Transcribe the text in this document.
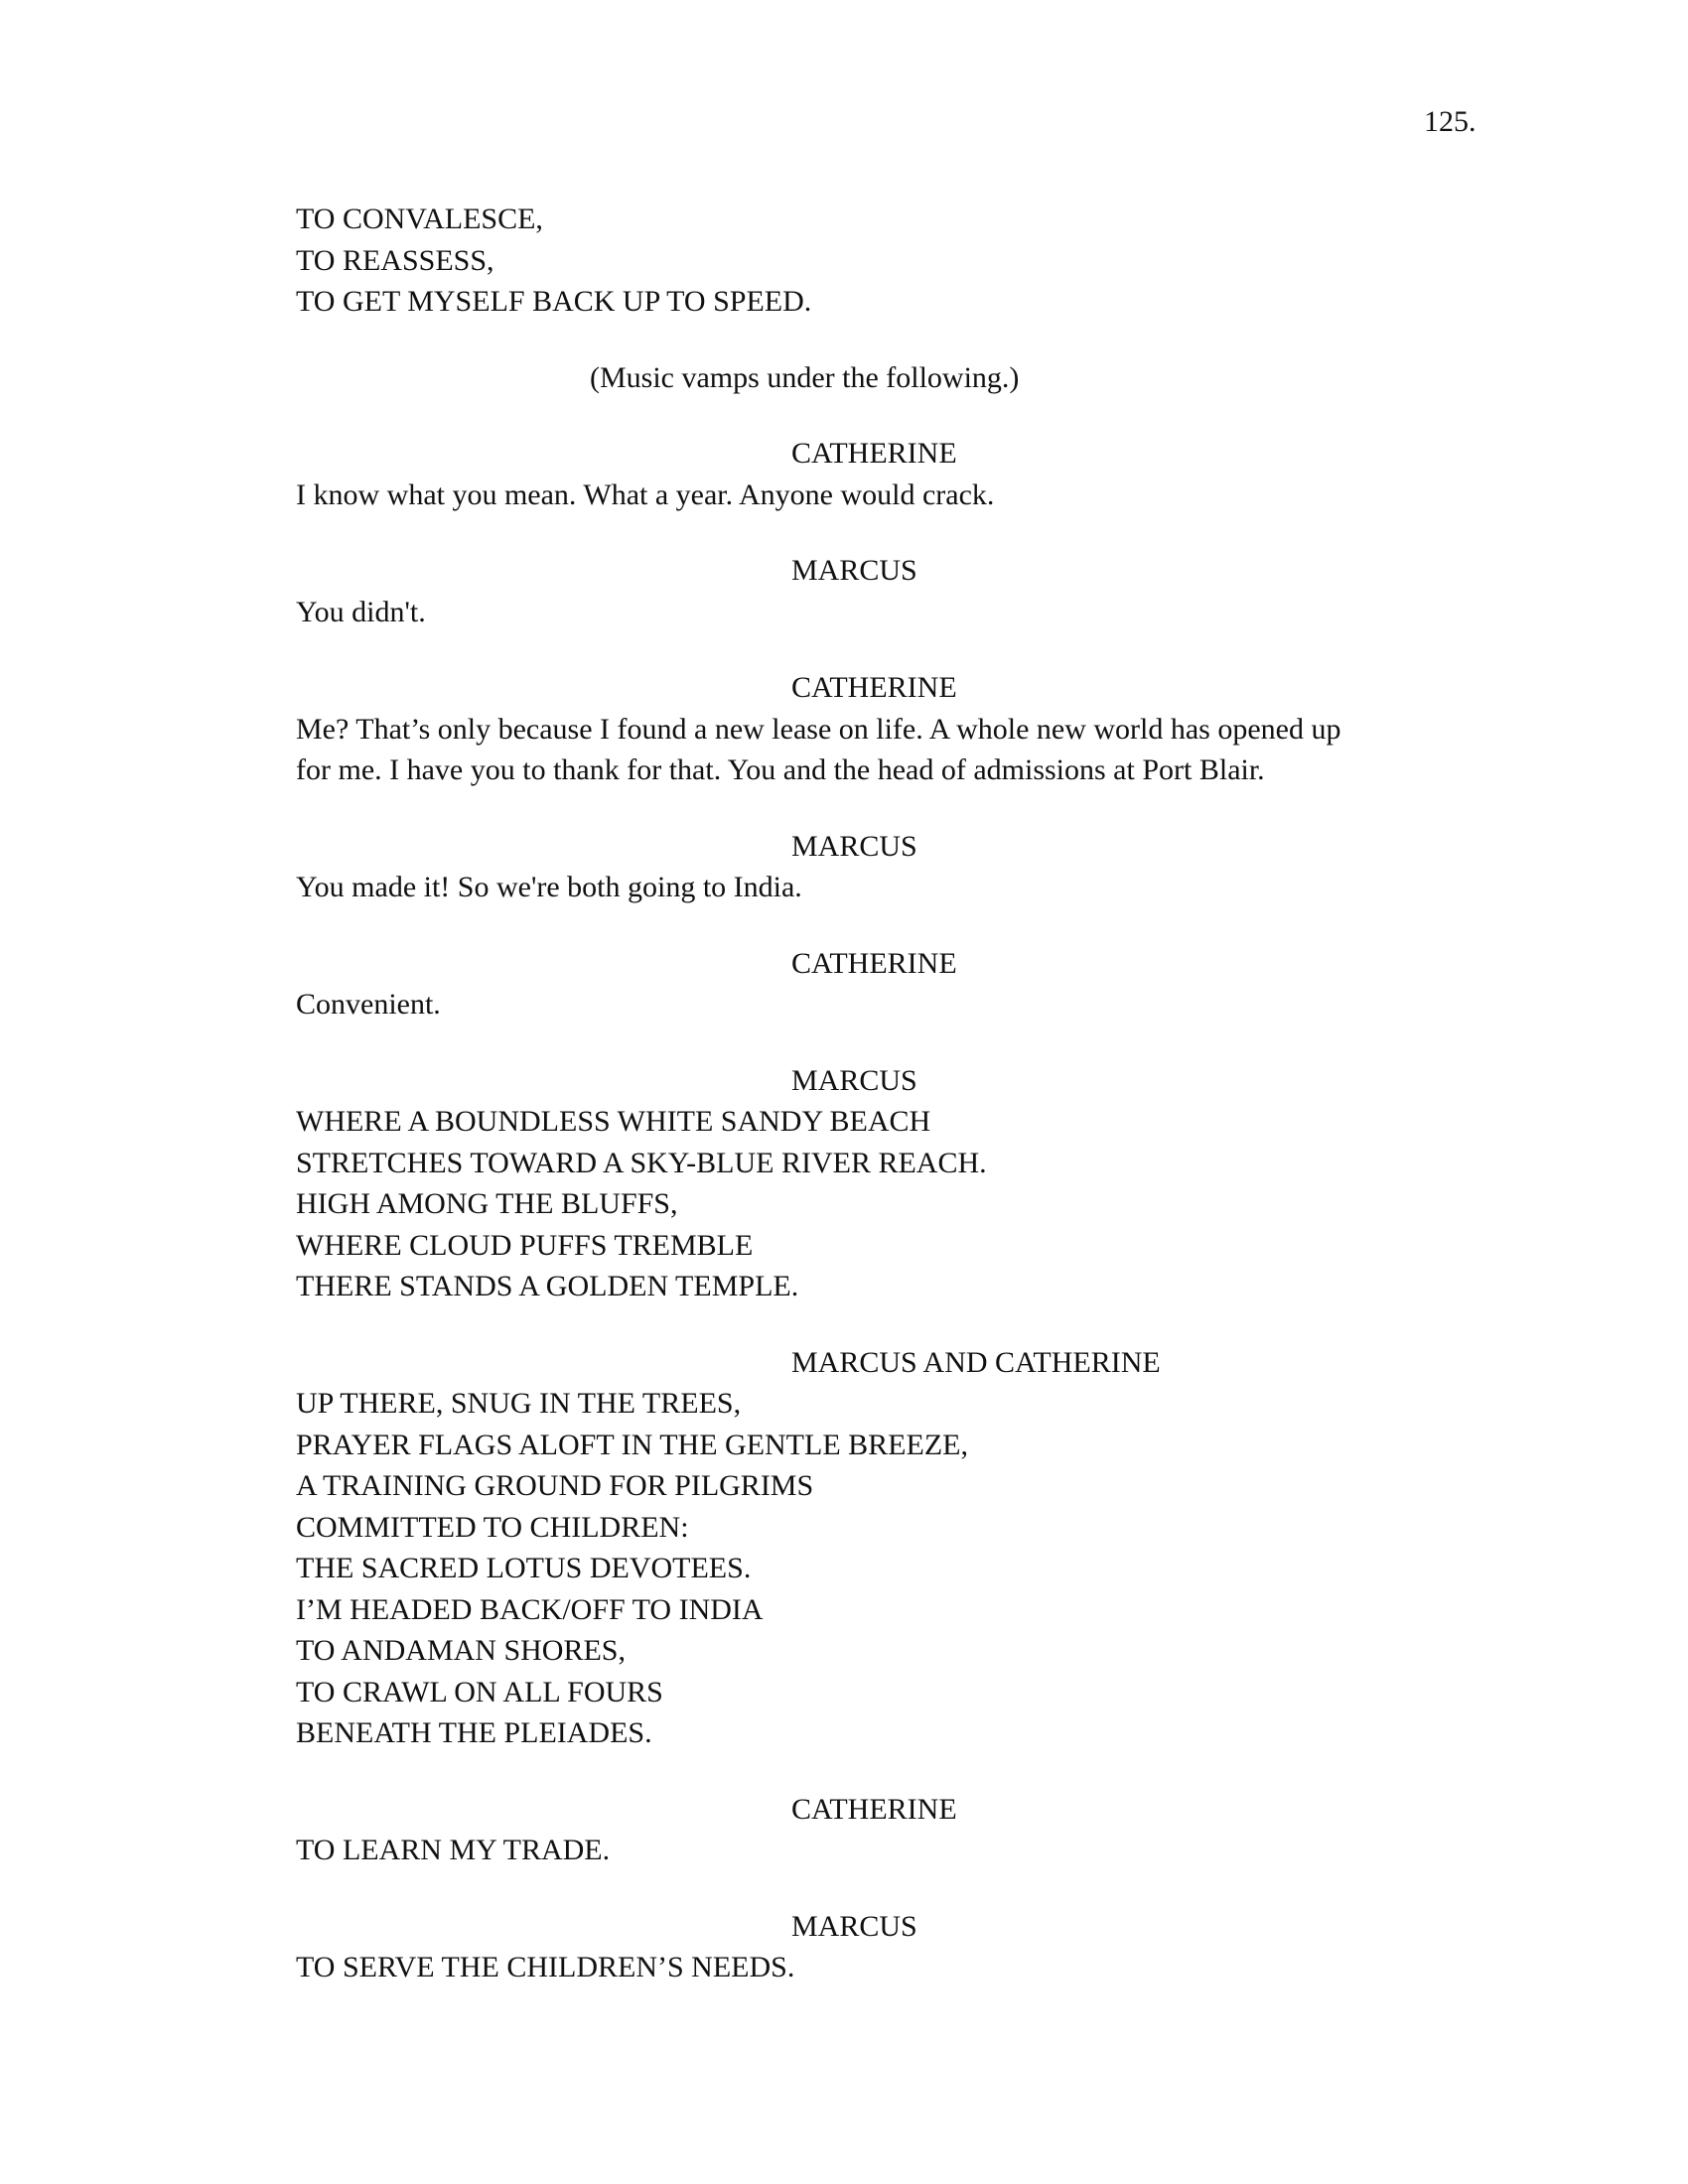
125.
TO CONVALESCE,
TO REASSESS,
TO GET MYSELF BACK UP TO SPEED.
(Music vamps under the following.)
CATHERINE
I know what you mean. What a year. Anyone would crack.
MARCUS
You didn't.
CATHERINE
Me? That’s only because I found a new lease on life. A whole new world has opened up
for me. I have you to thank for that. You and the head of admissions at Port Blair.
MARCUS
You made it! So we're both going to India.
CATHERINE
Convenient.
MARCUS
WHERE A BOUNDLESS WHITE SANDY BEACH
STRETCHES TOWARD A SKY-BLUE RIVER REACH.
HIGH AMONG THE BLUFFS,
WHERE CLOUD PUFFS TREMBLE
THERE STANDS A GOLDEN TEMPLE.
MARCUS AND CATHERINE
UP THERE, SNUG IN THE TREES,
PRAYER FLAGS ALOFT IN THE GENTLE BREEZE,
A TRAINING GROUND FOR PILGRIMS
COMMITTED TO CHILDREN:
THE SACRED LOTUS DEVOTEES.
I’M HEADED BACK/OFF TO INDIA
TO ANDAMAN SHORES,
TO CRAWL ON ALL FOURS
BENEATH THE PLEIADES.
CATHERINE
TO LEARN MY TRADE.
MARCUS
TO SERVE THE CHILDREN’S NEEDS.
